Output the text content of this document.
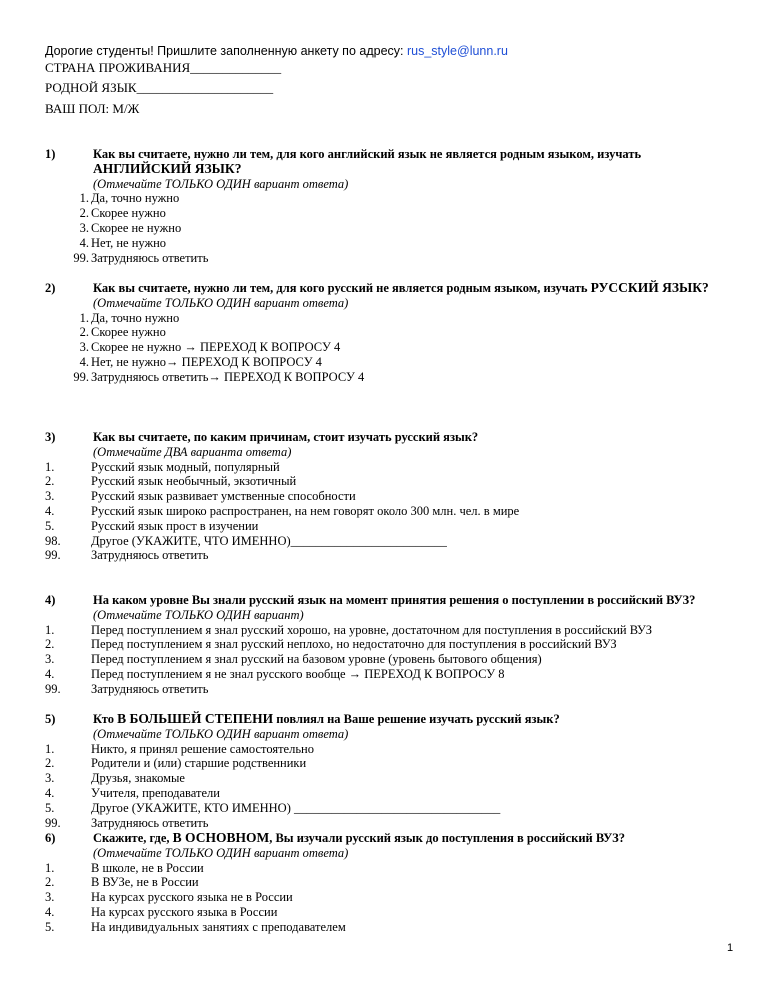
Дорогие студенты! Пришлите заполненную анкету по адресу: rus_style@lunn.ru
СТРАНА ПРОЖИВАНИЯ______________
РОДНОЙ ЯЗЫК_____________________
ВАШ ПОЛ: М/Ж
1)	Как вы считаете, нужно ли тем, для кого английский язык не является родным языком, изучать АНГЛИЙСКИЙ ЯЗЫК?
(Отмечайте ТОЛЬКО ОДИН вариант ответа)
1. Да, точно нужно
2. Скорее нужно
3. Скорее не нужно
4. Нет, не нужно
99. Затрудняюсь ответить
2)	Как вы считаете, нужно ли тем, для кого русский не является родным языком, изучать РУССКИЙ ЯЗЫК?
(Отмечайте ТОЛЬКО ОДИН вариант ответа)
1. Да, точно нужно
2. Скорее нужно
3. Скорее не нужно → ПЕРЕХОД К ВОПРОСУ 4
4. Нет, не нужно→ ПЕРЕХОД К ВОПРОСУ 4
99. Затрудняюсь ответить→ ПЕРЕХОД К ВОПРОСУ 4
3)	Как вы считаете, по каким причинам, стоит изучать русский язык?
(Отмечайте ДВА варианта ответа)
1.	Русский язык модный, популярный
2.	Русский язык необычный, экзотичный
3.	Русский язык развивает умственные способности
4.	Русский язык широко распространен, на нем говорят около 300 млн. чел. в мире
5.	Русский язык прост в изучении
98.	Другое (УКАЖИТЕ, ЧТО ИМЕННО)_________________________
99.	Затрудняюсь ответить
4)	На каком уровне Вы знали русский язык на момент принятия решения о поступлении в российский ВУЗ? (Отмечайте ТОЛЬКО ОДИН вариант)
1.	Перед поступлением я знал русский хорошо, на уровне, достаточном для поступления в российский ВУЗ
2.	Перед поступлением я знал русский неплохо, но недостаточно для поступления в российский ВУЗ
3.	Перед поступлением я знал русский на базовом уровне (уровень бытового общения)
4.	Перед поступлением я не знал русского вообще → ПЕРЕХОД К ВОПРОСУ 8
99.	Затрудняюсь ответить
5)	Кто В БОЛЬШЕЙ СТЕПЕНИ повлиял на Ваше решение изучать русский язык?
(Отмечайте ТОЛЬКО ОДИН вариант ответа)
1.	Никто, я принял решение самостоятельно
2.	Родители и (или) старшие родственники
3.	Друзья, знакомые
4.	Учителя, преподаватели
5.	Другое (УКАЖИТЕ, КТО ИМЕННО) _________________________________
99.	Затрудняюсь ответить
6)	Скажите, где, В ОСНОВНОМ, Вы изучали русский язык до поступления в российский ВУЗ?
(Отмечайте ТОЛЬКО ОДИН вариант ответа)
1.	В школе, не в России
2.	В ВУЗе, не в России
3.	На курсах русского языка не в России
4.	На курсах русского языка в России
5.	На индивидуальных занятиях с преподавателем
1
